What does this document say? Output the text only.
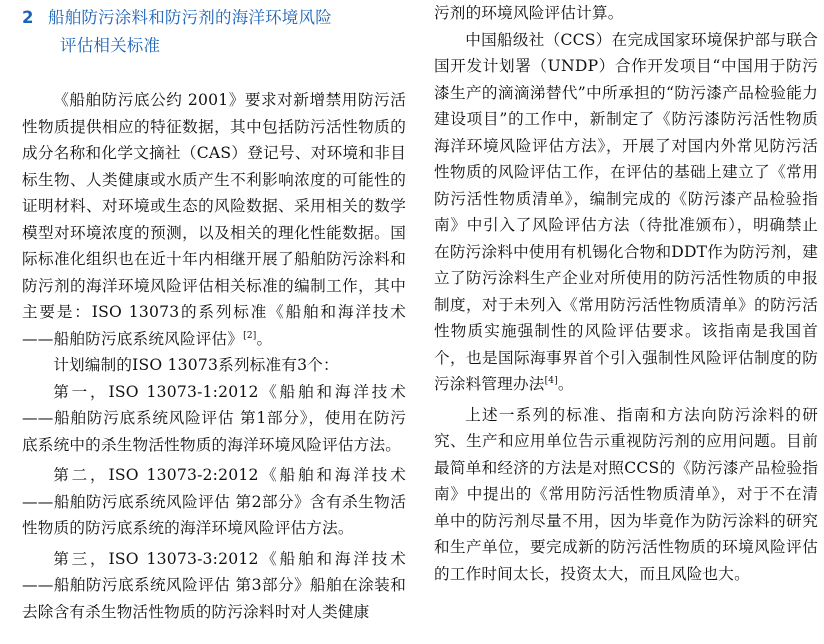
2 船舶防污涂料和防污剂的海洋环境风险
评估相关标准

《船舶防污底公约 2001》要求对新增禁用防污活性物质提供相应的特征数据，其中包括防污活性物质的成分名称和化学文摘社（CAS）登记号、对环境和非目标生物、人类健康或水质产生不利影响浓度的可能性的证明材料、对环境或生态的风险数据、采用相关的数学模型对环境浓度的预测，以及相关的理化性能数据。国际标准化组织也在近十年内相继开展了船舶防污涂料和防污剂的海洋环境风险评估相关标准的编制工作，其中主要是：ISO 13073的系列标准《船舶和海洋技术——船舶防污底系统风险评估》[2]。

计划编制的ISO 13073系列标准有3个：

第一，ISO 13073-1:2012《船舶和海洋技术——船舶防污底系统风险评估 第1部分》，使用在防污底系统中的杀生物活性物质的海洋环境风险评估方法。

第二，ISO 13073-2:2012《船舶和海洋技术——船舶防污底系统风险评估 第2部分》含有杀生物活性物质的防污底系统的海洋环境风险评估方法。

第三，ISO 13073-3:2012《船舶和海洋技术——船舶防污底系统风险评估 第3部分》船舶在涂装和去除含有杀生物活性物质的防污涂料时对人类健康

污剂的环境风险评估计算。

中国船级社（CCS）在完成国家环境保护部与联合国开发计划署（UNDP）合作开发项目“中国用于防污漆生产的滴滴涕替代”中所承担的“防污漆产品检验能力建设项目”的工作中，新制定了《防污漆防污活性物质海洋环境风险评估方法》，开展了对国内外常见防污活性物质的风险评估工作，在评估的基础上建立了《常用防污活性物质清单》，编制完成的《防污漆产品检验指南》中引入了风险评估方法（待批准颁布），明确禁止在防污涂料中使用有机锡化合物和DDT作为防污剂，建立了防污涂料生产企业对所使用的防污活性物质的申报制度，对于未列入《常用防污活性物质清单》的防污活性物质实施强制性的风险评估要求。该指南是我国首个，也是国际海事界首个引入强制性风险评估制度的防污涂料管理办法[4]。

上述一系列的标准、指南和方法向防污涂料的研究、生产和应用单位告示重视防污剂的应用问题。目前最简单和经济的方法是对照CCS的《防污漆产品检验指南》中提出的《常用防污活性物质清单》，对于不在清单中的防污剂尽量不用，因为毕竟作为防污涂料的研究和生产单位，要完成新的防污活性物质的环境风险评估的工作时间太长，投资太大，而且风险也大。
